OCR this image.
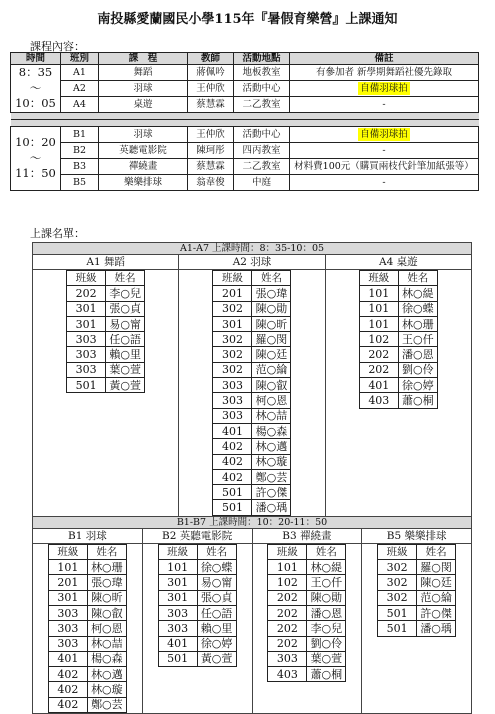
南投縣愛蘭國民小學115年『暑假育樂營』上課通知
課程內容：
時間	班別	課　程	教師	活動地點	備註
8：35
～
10：05	A1	舞蹈	蔣佩吟	地板教室	有參加者 新學期舞蹈社優先錄取
	A2	羽球	王仲欣	活動中心	自備羽球拍
	A4	桌遊	蔡慧霖	二乙教室	-

10：20
～
11：50	B1	羽球	王仲欣	活動中心	自備羽球拍
	B2	英聽電影院	陳珂彤	四丙教室	-
	B3	禪繞畫	蔡慧霖	二乙教室	材料費100元（購買兩枝代針筆加紙張等）
	B5	樂樂排球	翁韋俊	中庭	-
上課名單：
A1-A7 上課時間：8：35-10：05
A1 舞蹈
班級	姓名
202	李○兒
301	張○貞
301	易○甯
303	任○語
303	賴○里
303	葉○萱
501	黃○萱
A2 羽球
班級	姓名
201	張○瑋
302	陳○勛
301	陳○昕
302	羅○閔
302	陳○廷
302	范○綸
303	陳○叡
303	柯○恩
303	林○喆
401	楊○森
402	林○邁
402	林○璇
402	鄭○芸
501	許○傑
501	潘○瑀
A4 桌遊
班級	姓名
101	林○緹
101	徐○蝶
101	林○珊
102	王○仟
202	潘○恩
202	劉○伶
401	徐○婷
403	蕭○桐
B1-B7 上課時間：10：20-11：50
B1 羽球
班級	姓名
101	林○珊
201	張○瑋
301	陳○昕
303	陳○叡
303	柯○恩
303	林○喆
401	楊○森
402	林○邁
402	林○璇
402	鄭○芸
B2 英聽電影院
班級	姓名
101	徐○蝶
301	易○甯
301	張○貞
303	任○語
303	賴○里
401	徐○婷
501	黃○萱
B3 禪繞畫
班級	姓名
101	林○緹
102	王○仟
202	陳○勛
202	潘○恩
202	李○兒
202	劉○伶
303	葉○萱
403	蕭○桐
B5 樂樂排球
班級	姓名
302	羅○閔
302	陳○廷
302	范○綸
501	許○傑
501	潘○瑀
